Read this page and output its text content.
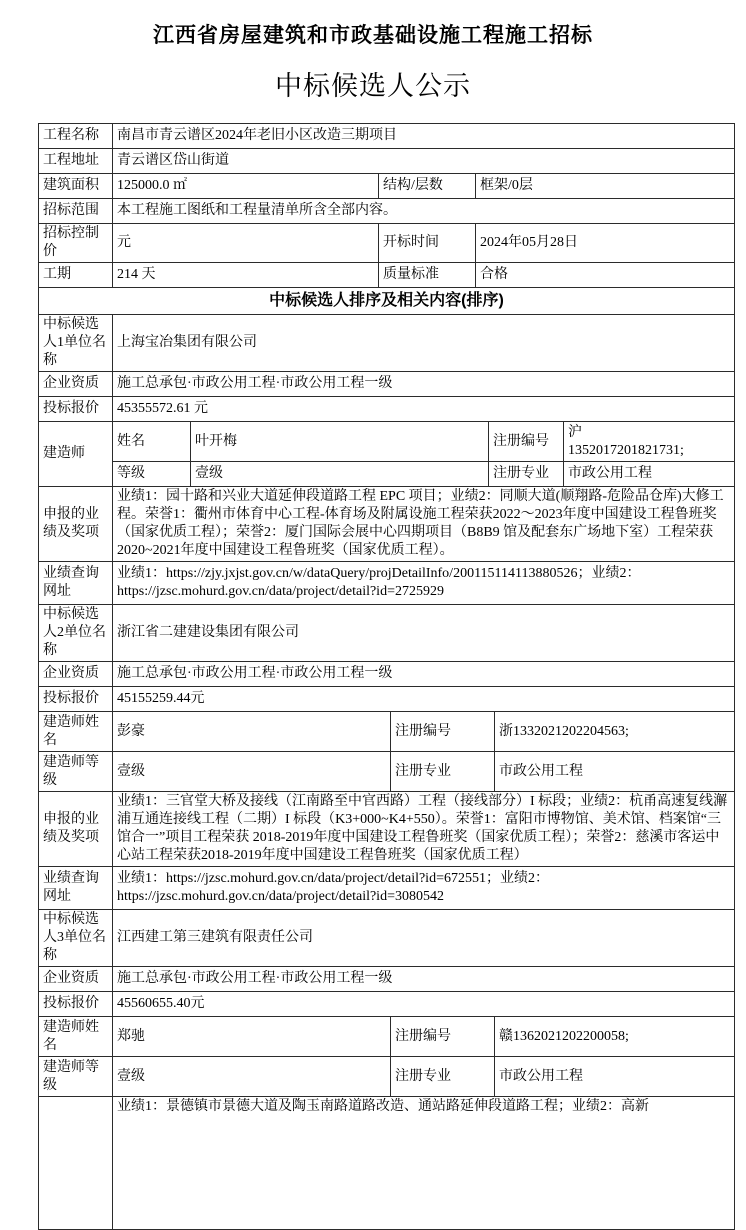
江西省房屋建筑和市政基础设施工程施工招标
中标候选人公示
工程名称	南昌市青云谱区2024年老旧小区改造三期项目							
工程地址	青云谱区岱山街道							
建筑面积	125000.0 ㎡		结构/层数		框架/0层			
招标范围	本工程施工图纸和工程量清单所含全部内容。							
招标控制价	元		开标时间		2024年05月28日			
工期	214 天		质量标准		合格			
中标候选人排序及相关内容(排序)								
中标候选人1单位名称	上海宝冶集团有限公司							
企业资质	施工总承包·市政公用工程·市政公用工程一级							
投标报价	45355572.61 元							
建造师	姓名	叶开梅				注册编号		沪1352017201821731;

	等级	壹级				注册专业		市政公用工程
申报的业绩及奖项	业绩1：园十路和兴业大道延伸段道路工程 EPC 项目；业绩2：同顺大道(顺翔路-危险品仓库)大修工程。荣誉1：衢州市体育中心工程-体育场及附属设施工程荣获2022～2023年度中国建设工程鲁班奖（国家优质工程）；荣誉2：厦门国际会展中心四期项目（B8B9 馆及配套东广场地下室）工程荣获2020~2021年度中国建设工程鲁班奖（国家优质工程）。							
业绩查询网址	业绩1：https://zjy.jxjst.gov.cn/w/dataQuery/projDetailInfo/200115114113880526；业绩2：https://jzsc.mohurd.gov.cn/data/project/detail?id=2725929							
中标候选人2单位名称	浙江省二建建设集团有限公司							
企业资质	施工总承包·市政公用工程·市政公用工程一级							
投标报价	45155259.44元							
建造师姓名	彭豪			注册编号			浙1332021202204563;	
建造师等级	壹级			注册专业			市政公用工程	
申报的业绩及奖项	业绩1：三官堂大桥及接线（江南路至中官西路）工程（接线部分）I 标段；业绩2：杭甬高速复线澥浦互通连接线工程（二期）I 标段（K3+000~K4+550）。荣誉1：富阳市博物馆、美术馆、档案馆“三馆合一”项目工程荣获 2018-2019年度中国建设工程鲁班奖（国家优质工程）；荣誉2：慈溪市客运中心站工程荣获2018-2019年度中国建设工程鲁班奖（国家优质工程）							
业绩查询网址	业绩1：https://jzsc.mohurd.gov.cn/data/project/detail?id=672551；业绩2：https://jzsc.mohurd.gov.cn/data/project/detail?id=3080542							
中标候选人3单位名称	江西建工第三建筑有限责任公司							
企业资质	施工总承包·市政公用工程·市政公用工程一级							
投标报价	45560655.40元							
建造师姓名	郑驰			注册编号			赣1362021202200058;	
建造师等级	壹级			注册专业			市政公用工程	
	业绩1：景德镇市景德大道及陶玉南路道路改造、通站路延伸段道路工程；业绩2：高新							
